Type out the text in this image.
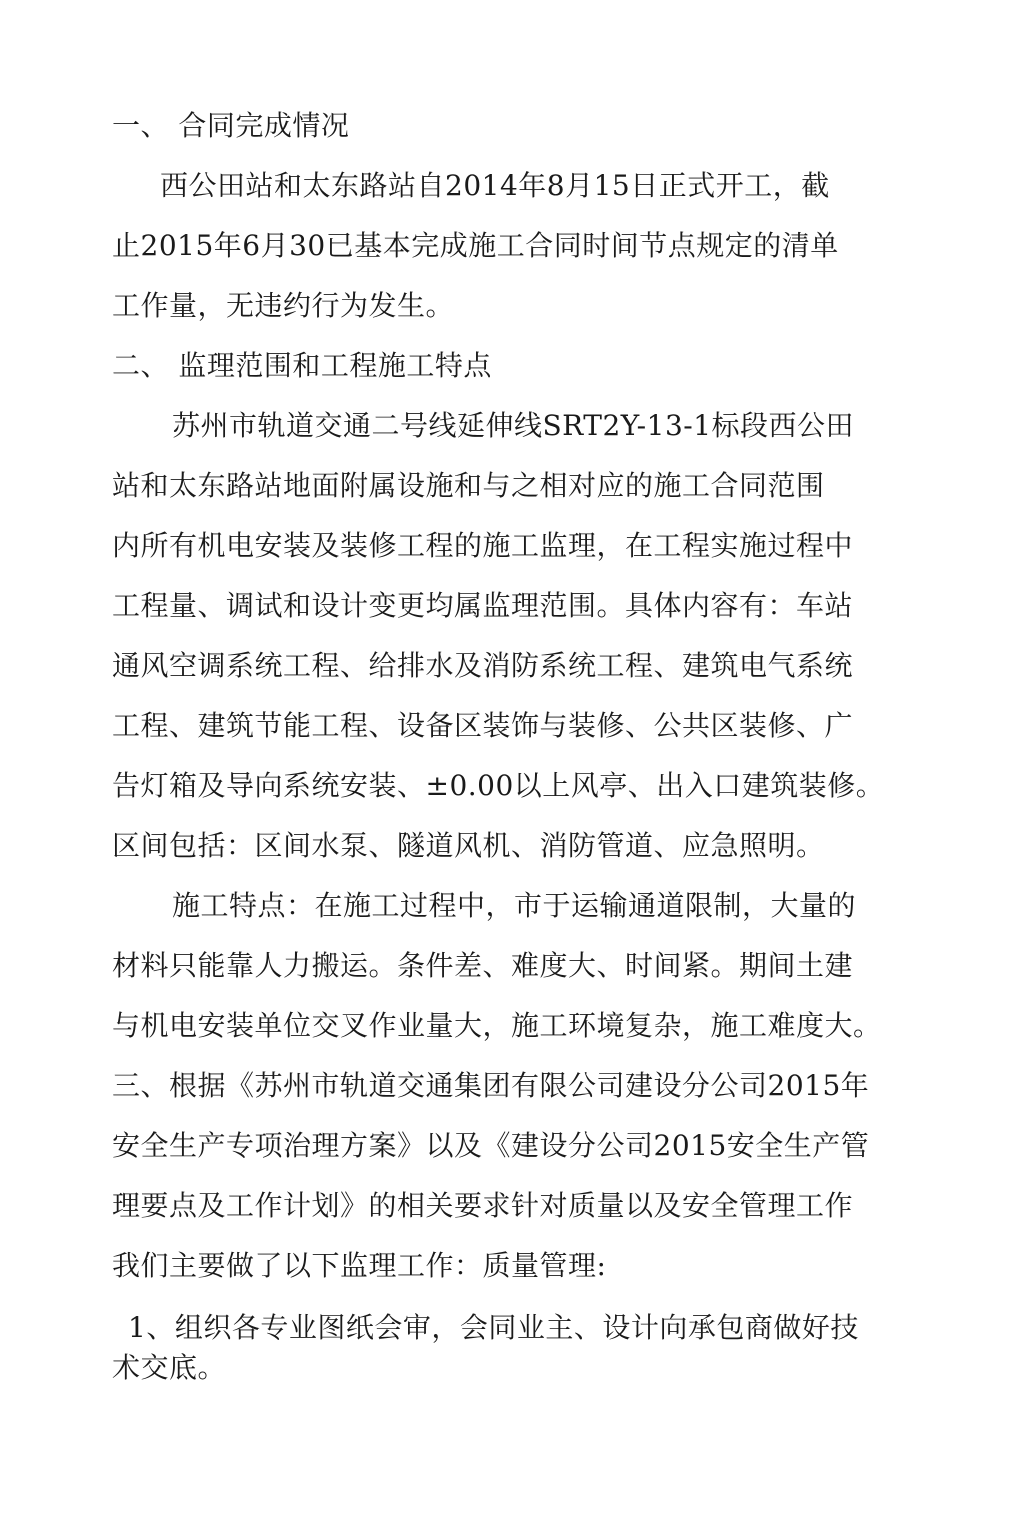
一、 合同完成情况
西公田站和太东路站自2014年8月15日正式开工，截
止2015年6月30已基本完成施工合同时间节点规定的清单
工作量，无违约行为发生。
二、 监理范围和工程施工特点
苏州市轨道交通二号线延伸线SRT2Y-13-1标段西公田
站和太东路站地面附属设施和与之相对应的施工合同范围
内所有机电安装及装修工程的施工监理，在工程实施过程中
工程量、调试和设计变更均属监理范围。具体内容有：车站
通风空调系统工程、给排水及消防系统工程、建筑电气系统
工程、建筑节能工程、设备区装饰与装修、公共区装修、广
告灯箱及导向系统安装、±0.00以上风亭、出入口建筑装修。
区间包括：区间水泵、隧道风机、消防管道、应急照明。
施工特点：在施工过程中，市于运输通道限制，大量的
材料只能靠人力搬运。条件差、难度大、时间紧。期间土建
与机电安装单位交叉作业量大，施工环境复杂，施工难度大。
三、根据《苏州市轨道交通集团有限公司建设分公司2015年
安全生产专项治理方案》以及《建设分公司2015安全生产管
理要点及工作计划》的相关要求针对质量以及安全管理工作
我们主要做了以下监理工作：质量管理:
1、组织各专业图纸会审，会同业主、设计向承包商做好技
术交底。
